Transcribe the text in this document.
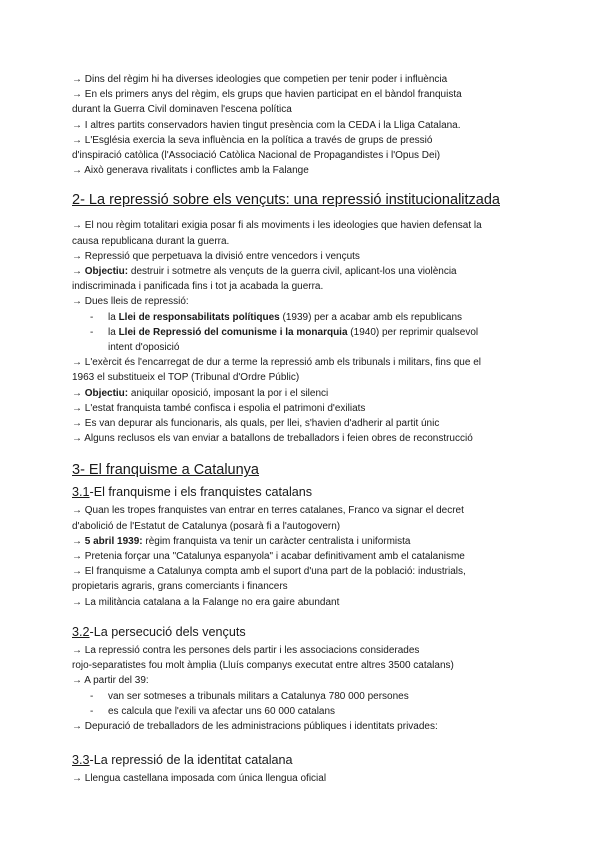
→ Dins del règim hi ha diverses ideologies que competien per tenir poder i influència
→ En els primers anys del règim, els grups que havien participat en el bàndol franquista
durant la Guerra Civil dominaven l'escena política
→ I altres partits conservadors havien tingut presència com la CEDA i la Lliga Catalana.
→ L'Església exercia la seva influència en la política a través de grups de pressió
d'inspiració catòlica (l'Associació Catòlica Nacional de Propagandistes i l'Opus Dei)
→ Això generava rivalitats i conflictes amb la Falange
2- La repressió sobre els vençuts: una repressió institucionalitzada
→ El nou règim totalitari exigia posar fi als moviments i les ideologies que havien defensat la
causa republicana durant la guerra.
→ Repressió que perpetuava la divisió entre vencedors i vençuts
→ Objectiu: destruir i sotmetre als vençuts de la guerra civil, aplicant-los una violència
indiscriminada i panificada fins i tot ja acabada la guerra.
→ Dues lleis de repressió:
- la Llei de responsabilitats polítiques (1939) per a acabar amb els republicans
- la Llei de Repressió del comunisme i la monarquia (1940) per reprimir qualsevol
intent d'oposició
→ L'exèrcit és l'encarregat de dur a terme la repressió amb els tribunals i militars, fins que el
1963 el substitueix el TOP (Tribunal d'Ordre Públic)
→ Objectiu: aniquilar oposició, imposant la por i el silenci
→ L'estat franquista també confisca i espolia el patrimoni d'exiliats
→ Es van depurar als funcionaris, als quals, per llei, s'havien d'adherir al partit únic
→ Alguns reclusos els van enviar a batallons de treballadors i feien obres de reconstrucció
3- El franquisme a Catalunya
3.1-El franquisme i els franquistes catalans
→ Quan les tropes franquistes van entrar en terres catalanes, Franco va signar el decret
d'abolició de l'Estatut de Catalunya (posarà fi a l'autogovern)
→ 5 abril 1939: règim franquista va tenir un caràcter centralista i uniformista
→ Pretenia forçar una "Catalunya espanyola" i acabar definitivament amb el catalanisme
→ El franquisme a Catalunya compta amb el suport d'una part de la població: industrials,
propietaris agraris, grans comerciants i financers
→ La militància catalana a la Falange no era gaire abundant
3.2-La persecució dels vençuts
→ La repressió contra les persones dels partir i les associacions considerades
rojo-separatistes fou molt àmplia (Lluís companys executat entre altres 3500 catalans)
→ A partir del 39:
- van ser sotmeses a tribunals militars a Catalunya 780 000 persones
- es calcula que l'exili va afectar uns 60 000 catalans
→ Depuració de treballadors de les administracions públiques i identitats privades:
3.3-La repressió de la identitat catalana
→ Llengua castellana imposada com única llengua oficial
